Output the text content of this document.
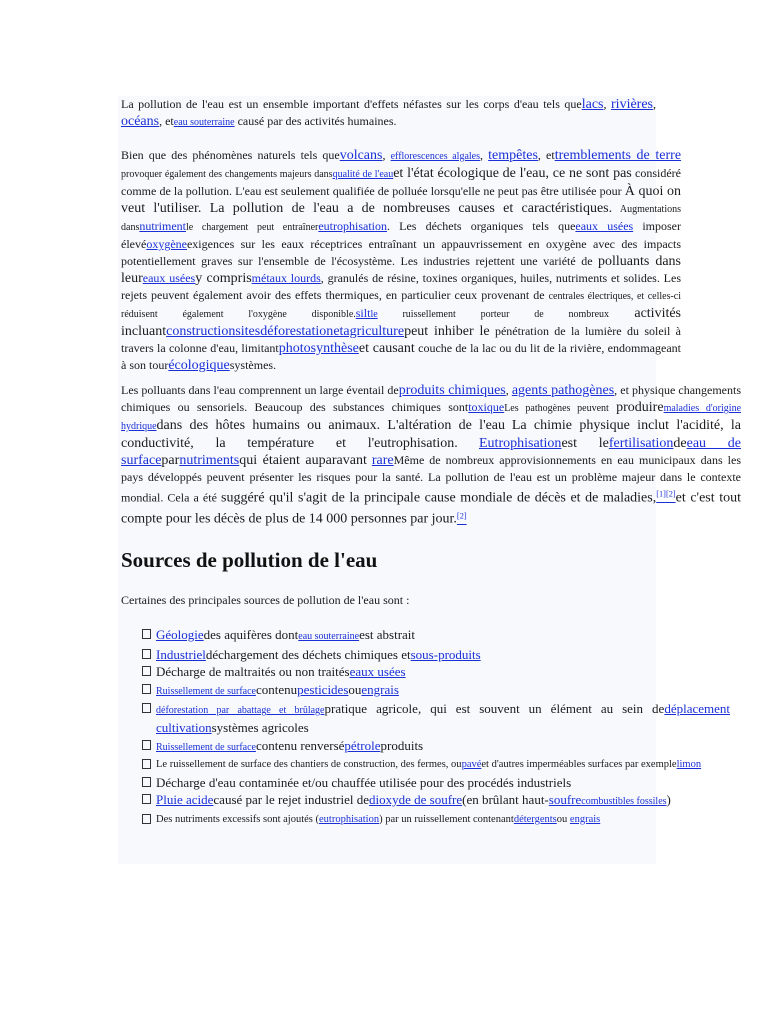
La pollution de l'eau est un ensemble important d'effets néfastes sur les corps d'eau tels quelacs, rivières, océans, eteau souterraine causé par des activités humaines.
Bien que des phénomènes naturels tels quevolcans, efflorescences algales, tempêtes, ettremblements de terre provoquer également des changements majeurs dansqualité de l'eauet l'état écologique de l'eau, ce ne sont pas considéré comme de la pollution. L'eau est seulement qualifiée de polluée lorsqu'elle ne peut pas être utilisée pour À quoi on veut l'utiliser. La pollution de l'eau a de nombreuses causes et caractéristiques. Augmentations dansnutrimentle chargement peut entraînereutrophisation. Les déchets organiques tels queeaux usées imposer élevéoxygèneexigences sur les eaux réceptrices entraînant un appauvrissement en oxygène avec des impacts potentiellement graves sur l'ensemble de l'écosystème. Les industries rejettent une variété de polluants dans leureaux uséesy comprismétaux lourds, granulés de résine, toxines organiques, huiles, nutriments et solides. Les rejets peuvent également avoir des effets thermiques, en particulier ceux provenant de centrales électriques, et celles-ci réduisent également l'oxygène disponible.siltle ruissellement porteur de nombreux activités incluantconstructionsitesdéforestationetagriculturepeut inhiber le pénétration de la lumière du soleil à travers la colonne d'eau, limitantphotosynthèseet causant couche de la lac ou du lit de la rivière, endommageant à son tourécologiquesystèmes.
Les polluants dans l'eau comprennent un large éventail deproduits chimiques, agents pathogènes, et physique changements chimiques ou sensoriels. Beaucoup des substances chimiques sonttoxiqueLes pathogènes peuvent produiremaladies d'origine hydriquedans des hôtes humains ou animaux. L'altération de l'eau La chimie physique inclut l'acidité, la conductivité, la température et l'eutrophisation. Eutrophisationest lefertilisationdeeau de surfaceparnutrimentsqui étaient auparavant rareMême de nombreux approvisionnements en eau municipaux dans les pays développés peuvent présenter les risques pour la santé. La pollution de l'eau est un problème majeur dans le contexte mondial. Cela a été suggéré qu'il s'agit de la principale cause mondiale de décès et de maladies,[1][2]et c'est tout compte pour les décès de plus de 14 000 personnes par jour.[2]
Sources de pollution de l'eau
Certaines des principales sources de pollution de l'eau sont :
Géologiedes aquifères donteau souterraineest abstrait
Industrieldéchargement des déchets chimiques etsous-produits
Décharge de maltraités ou non traitéseaux usées
Ruissellement de surfacecontenupesticidesouengrais
déforestation par abattage et brûlagepratique agricole, qui est souvent un élément au sein dedéplacement cultivationsystèmes agricoles
Ruissellement de surfacecontenu renversépétroleproduits
Le ruissellement de surface des chantiers de construction, des fermes, oupavéet d'autres imperméables surfaces par exemplelimon
Décharge d'eau contaminée et/ou chauffée utilisée pour des procédés industriels
Pluie acidecausé par le rejet industriel dedioxyde de soufre(en brûlant haut-soufrecombustibles fossiles)
Des nutriments excessifs sont ajoutés (eutrophisation) par un ruissellement contenantdétergentsou engrais
